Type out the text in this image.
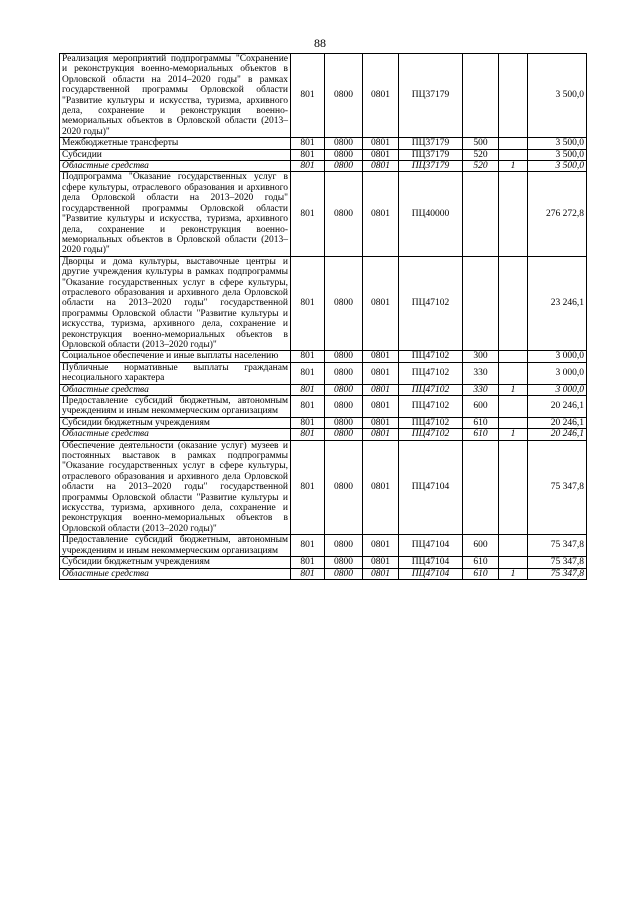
88
Реализация мероприятий подпрограммы "Сохранение и реконструкция военно-мемориальных объектов в Орловской области на 2014–2020 годы" в рамках государственной программы Орловской области "Развитие культуры и искусства, туризма, архивного дела, сохранение и реконструкция военно-мемориальных объектов в Орловской области (2013–2020 годы)"	801	0800	0801	ПЦ37179			3 500,0
Межбюджетные трансферты	801	0800	0801	ПЦ37179	500		3 500,0
Субсидии	801	0800	0801	ПЦ37179	520		3 500,0
Областные средства	801	0800	0801	ПЦ37179	520	1	3 500,0
Подпрограмма "Оказание государственных услуг в сфере культуры, отраслевого образования и архивного дела Орловской области на 2013–2020 годы" государственной программы Орловской области "Развитие культуры и искусства, туризма, архивного дела, сохранение и реконструкция военно-мемориальных объектов в Орловской области (2013–2020 годы)"	801	0800	0801	ПЦ40000			276 272,8
Дворцы и дома культуры, выставочные центры и другие учреждения культуры в рамках подпрограммы "Оказание государственных услуг в сфере культуры, отраслевого образования и архивного дела Орловской области на 2013–2020 годы" государственной программы Орловской области "Развитие культуры и искусства, туризма, архивного дела, сохранение и реконструкция военно-мемориальных объектов в Орловской области (2013–2020 годы)"	801	0800	0801	ПЦ47102			23 246,1
Социальное обеспечение и иные выплаты населению	801	0800	0801	ПЦ47102	300		3 000,0
Публичные нормативные выплаты гражданам несоциального характера	801	0800	0801	ПЦ47102	330		3 000,0
Областные средства	801	0800	0801	ПЦ47102	330	1	3 000,0
Предоставление субсидий бюджетным, автономным учреждениям и иным некоммерческим организациям	801	0800	0801	ПЦ47102	600		20 246,1
Субсидии бюджетным учреждениям	801	0800	0801	ПЦ47102	610		20 246,1
Областные средства	801	0800	0801	ПЦ47102	610	1	20 246,1
Обеспечение деятельности (оказание услуг) музеев и постоянных выставок в рамках подпрограммы "Оказание государственных услуг в сфере культуры, отраслевого образования и архивного дела Орловской области на 2013–2020 годы" государственной программы Орловской области "Развитие культуры и искусства, туризма, архивного дела, сохранение и реконструкция военно-мемориальных объектов в Орловской области (2013–2020 годы)"	801	0800	0801	ПЦ47104			75 347,8
Предоставление субсидий бюджетным, автономным учреждениям и иным некоммерческим организациям	801	0800	0801	ПЦ47104	600		75 347,8
Субсидии бюджетным учреждениям	801	0800	0801	ПЦ47104	610		75 347,8
Областные средства	801	0800	0801	ПЦ47104	610	1	75 347,8
